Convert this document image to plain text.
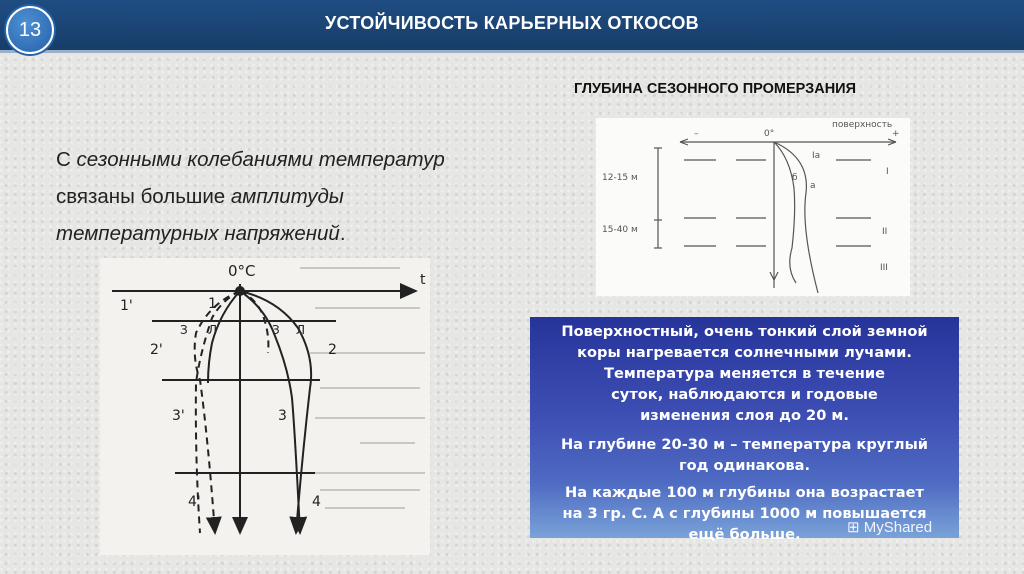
УСТОЙЧИВОСТЬ КАРЬЕРНЫХ ОТКОСОВ
13
ГЛУБИНА СЕЗОННОГО ПРОМЕРЗАНИЯ
С сезонными колебаниями температур
связаны большие амплитуды
температурных напряжений.
0°C	t
1'	1
З Л	З Л
2'	2
3'	3
4'	4
–	0°
поверхность
+
12-15 м
15-40 м
Iа
б
а
I
II
III

Поверхностный, очень тонкий слой земной

коры нагревается солнечными лучами.

Температура меняется в течение

суток, наблюдаются и годовые

изменения слоя до 20 м.

На глубине 20-30 м – температура круглый

год одинакова.

На каждые 100 м глубины она возрастает

на 3 гр. С. А с глубины 1000 м повышается

ещё больше.	⊞ MyShared
